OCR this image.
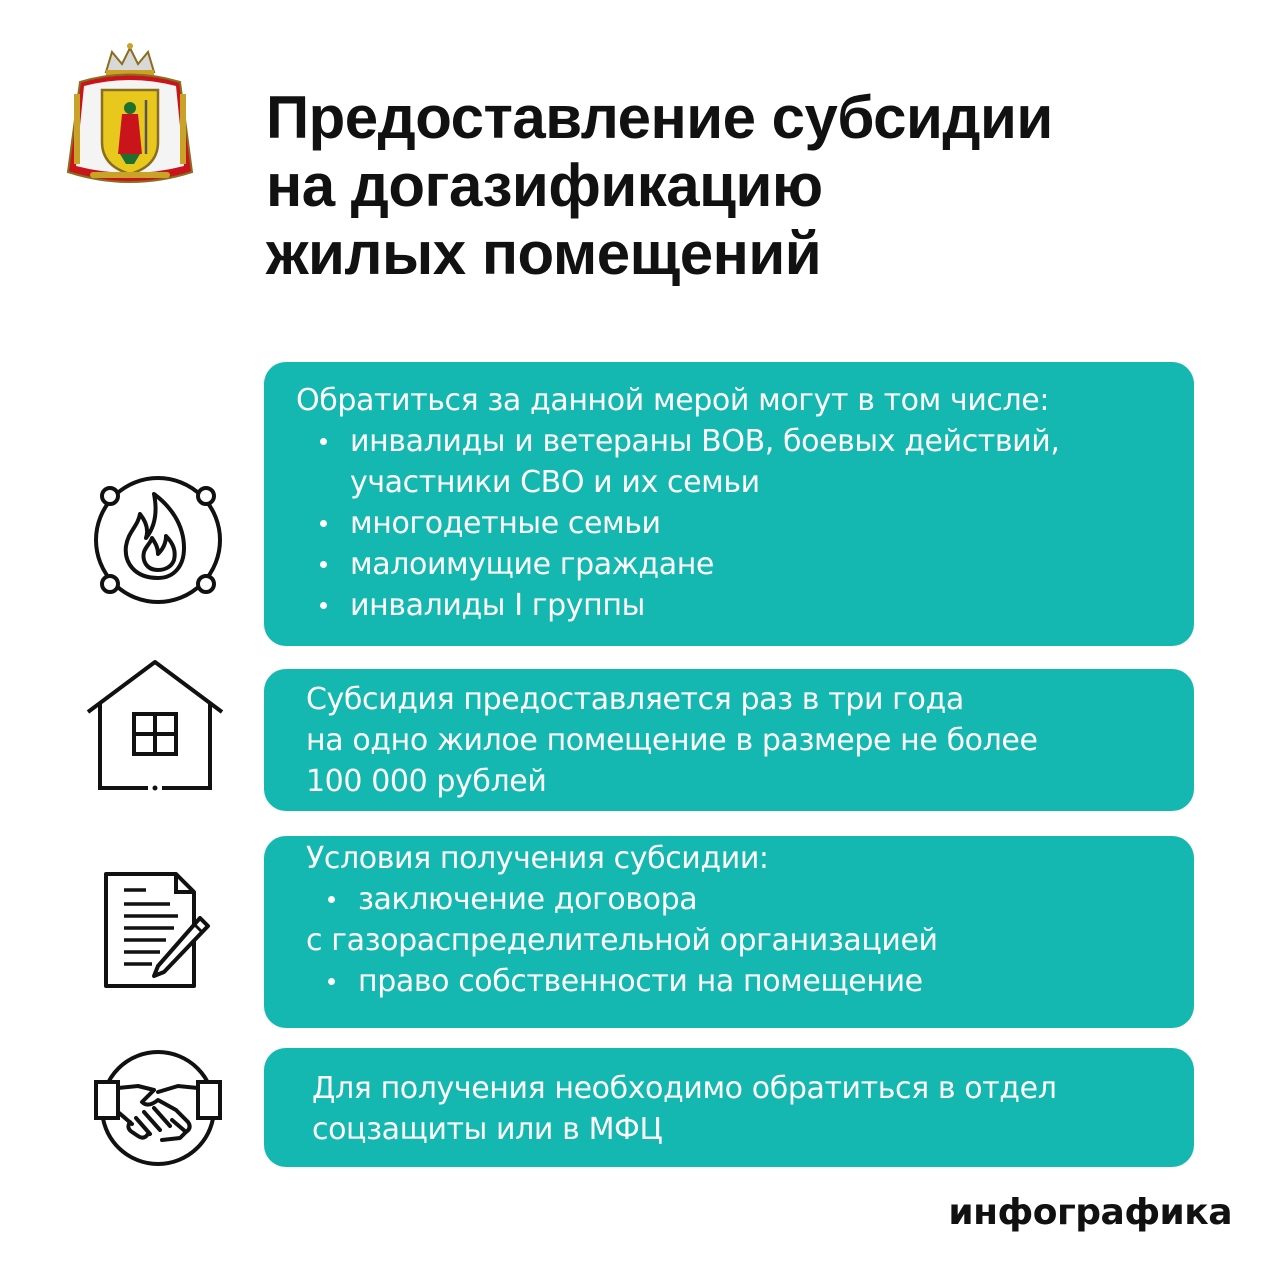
Предоставление субсидии
на догазификацию
жилых помещений
Обратиться за данной мерой могут в том числе:
инвалиды и ветераны ВОВ, боевых действий,
участники СВО и их семьи
многодетные семьи
малоимущие граждане
инвалиды I группы
Субсидия предоставляется раз в три года
на одно жилое помещение в размере не более
100 000 рублей
Условия получения субсидии:
заключение договора
с газораспределительной организацией
право собственности на помещение
Для получения необходимо обратиться в отдел
соцзащиты или в МФЦ
инфографика
